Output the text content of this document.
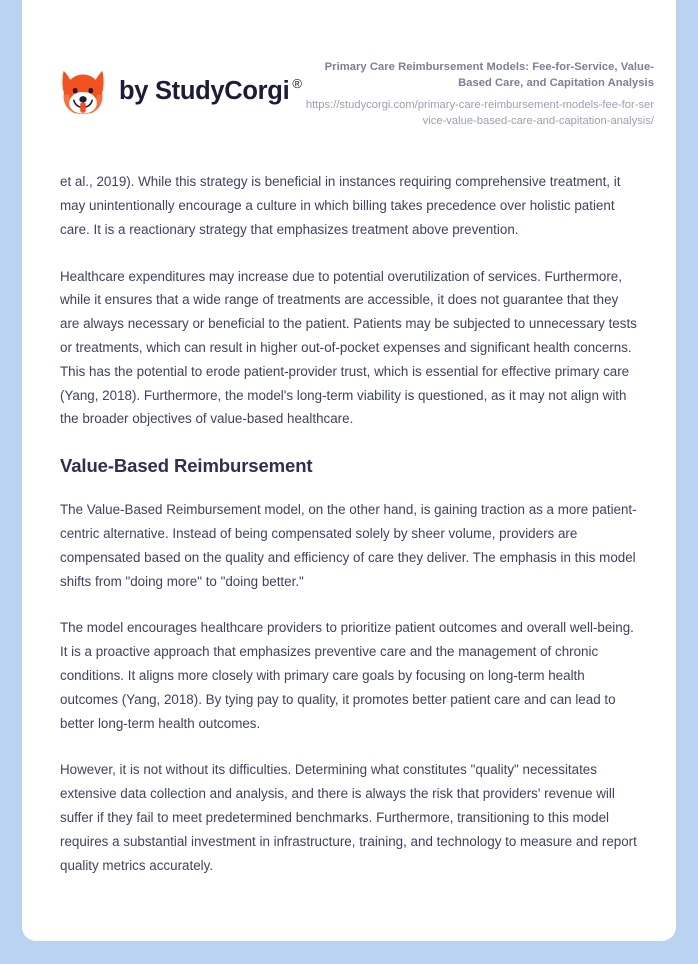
by StudyCorgi ®
Primary Care Reimbursement Models: Fee-for-Service, Value-Based Care, and Capitation Analysis
https://studycorgi.com/primary-care-reimbursement-models-fee-for-service-value-based-care-and-capitation-analysis/

et al., 2019). While this strategy is beneficial in instances requiring comprehensive treatment, it may unintentionally encourage a culture in which billing takes precedence over holistic patient care. It is a reactionary strategy that emphasizes treatment above prevention.

Healthcare expenditures may increase due to potential overutilization of services. Furthermore, while it ensures that a wide range of treatments are accessible, it does not guarantee that they are always necessary or beneficial to the patient. Patients may be subjected to unnecessary tests or treatments, which can result in higher out-of-pocket expenses and significant health concerns. This has the potential to erode patient-provider trust, which is essential for effective primary care (Yang, 2018). Furthermore, the model's long-term viability is questioned, as it may not align with the broader objectives of value-based healthcare.

Value-Based Reimbursement

The Value-Based Reimbursement model, on the other hand, is gaining traction as a more patient-centric alternative. Instead of being compensated solely by sheer volume, providers are compensated based on the quality and efficiency of care they deliver. The emphasis in this model shifts from "doing more" to "doing better."

The model encourages healthcare providers to prioritize patient outcomes and overall well-being. It is a proactive approach that emphasizes preventive care and the management of chronic conditions. It aligns more closely with primary care goals by focusing on long-term health outcomes (Yang, 2018). By tying pay to quality, it promotes better patient care and can lead to better long-term health outcomes.

However, it is not without its difficulties. Determining what constitutes "quality" necessitates extensive data collection and analysis, and there is always the risk that providers' revenue will suffer if they fail to meet predetermined benchmarks. Furthermore, transitioning to this model requires a substantial investment in infrastructure, training, and technology to measure and report quality metrics accurately.
